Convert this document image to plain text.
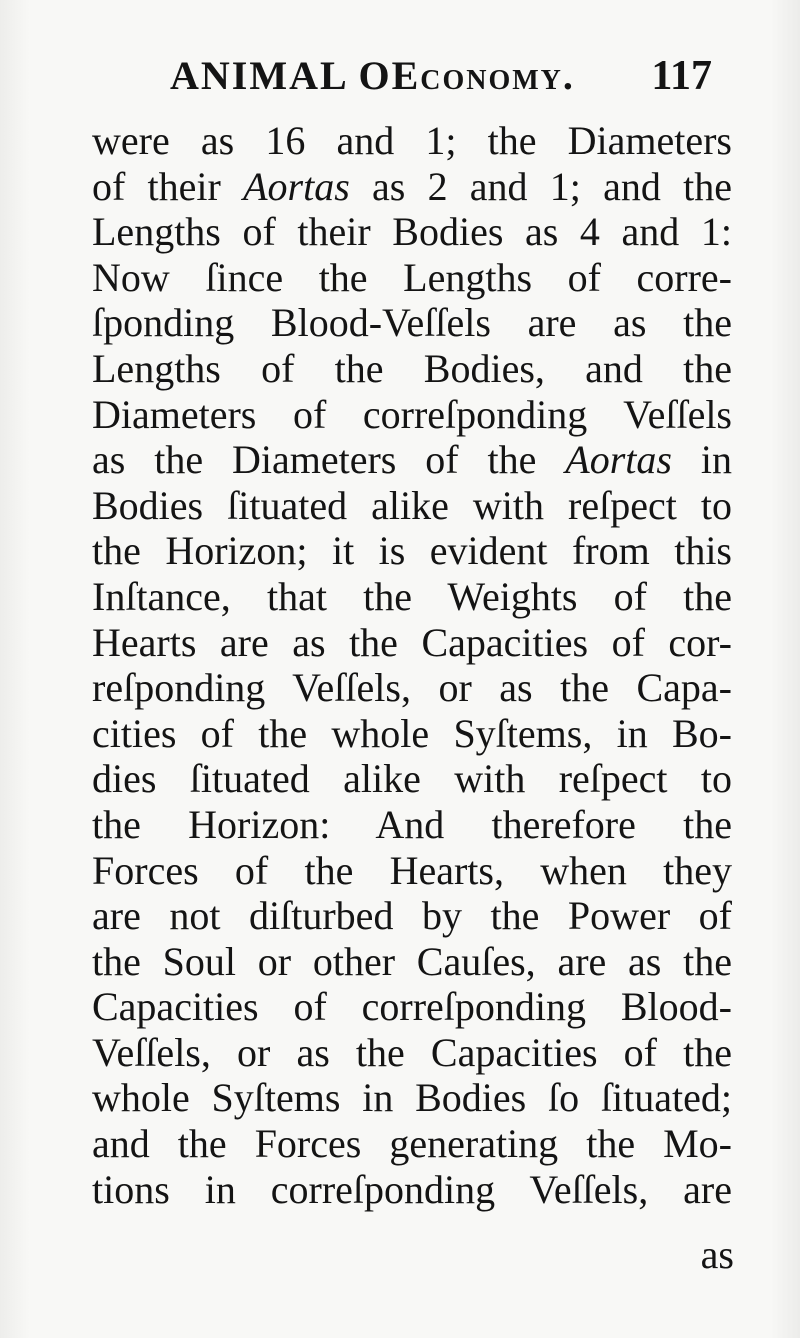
ANIMAL OEconomy. 117
were as 16 and 1; the Diameters
of their Aortas as 2 and 1; and the
Lengths of their Bodies as 4 and 1:
Now ſince the Lengths of corre-
ſponding Blood-Veſſels are as the
Lengths of the Bodies, and the
Diameters of correſponding Veſſels
as the Diameters of the Aortas in
Bodies ſituated alike with reſpect to
the Horizon; it is evident from this
Inſtance, that the Weights of the
Hearts are as the Capacities of cor-
reſponding Veſſels, or as the Capa-
cities of the whole Syſtems, in Bo-
dies ſituated alike with reſpect to
the Horizon: And therefore the
Forces of the Hearts, when they
are not diſturbed by the Power of
the Soul or other Cauſes, are as the
Capacities of correſponding Blood-
Veſſels, or as the Capacities of the
whole Syſtems in Bodies ſo ſituated;
and the Forces generating the Mo-
tions in correſponding Veſſels, are
as
